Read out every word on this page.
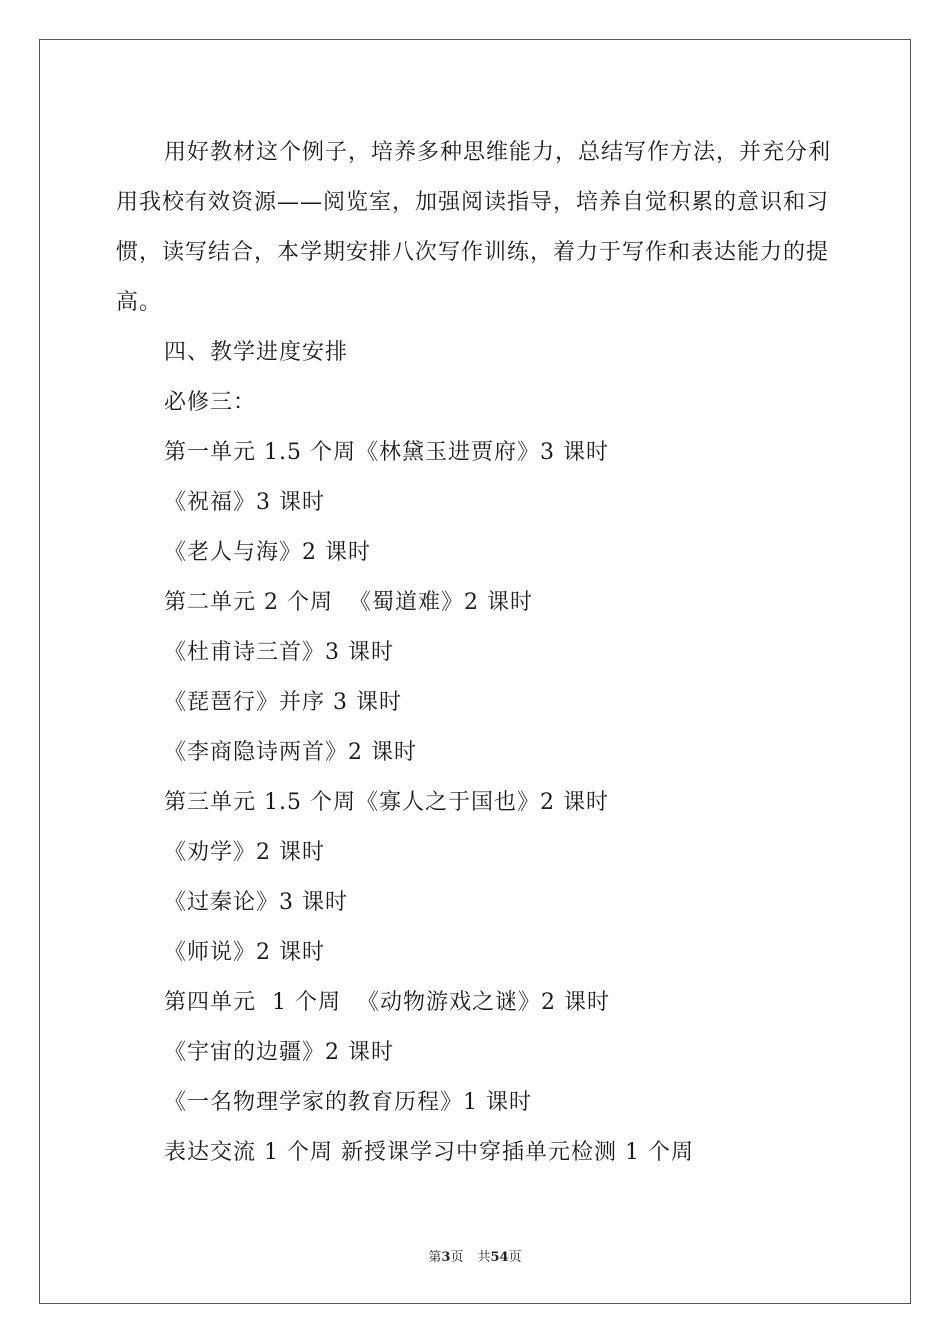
用好教材这个例子，培养多种思维能力，总结写作方法，并充分利用我校有效资源——阅览室，加强阅读指导，培养自觉积累的意识和习惯，读写结合，本学期安排八次写作训练，着力于写作和表达能力的提高。

四、教学进度安排

必修三：

第一单元 1.5 个周《林黛玉进贾府》3 课时

《祝福》3 课时

《老人与海》2 课时

第二单元 2 个周  《蜀道难》2 课时

《杜甫诗三首》3 课时

《琵琶行》并序 3 课时

《李商隐诗两首》2 课时

第三单元 1.5 个周《寡人之于国也》2 课时

《劝学》2 课时

《过秦论》3 课时

《师说》2 课时

第四单元  1 个周  《动物游戏之谜》2 课时

《宇宙的边疆》2 课时

《一名物理学家的教育历程》1 课时

表达交流 1 个周 新授课学习中穿插单元检测 1 个周

第3页 共54页
